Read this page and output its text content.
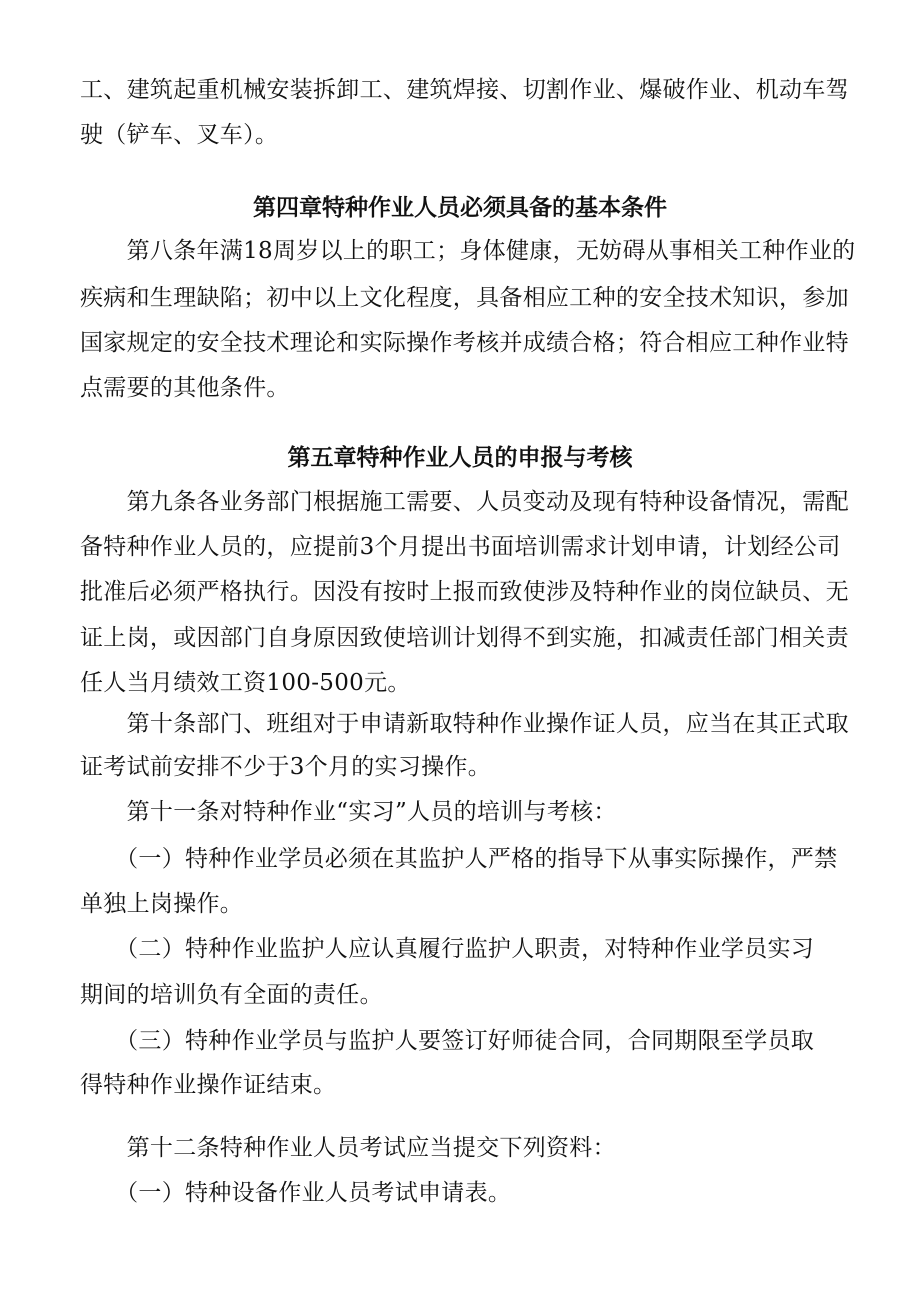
工、建筑起重机械安装拆卸工、建筑焊接、切割作业、爆破作业、机动车驾
驶（铲车、叉车）。
第四章特种作业人员必须具备的基本条件
　　第八条年满18周岁以上的职工；身体健康，无妨碍从事相关工种作业的
疾病和生理缺陷；初中以上文化程度，具备相应工种的安全技术知识，参加
国家规定的安全技术理论和实际操作考核并成绩合格；符合相应工种作业特
点需要的其他条件。
第五章特种作业人员的申报与考核
　　第九条各业务部门根据施工需要、人员变动及现有特种设备情况，需配
备特种作业人员的，应提前3个月提出书面培训需求计划申请，计划经公司
批准后必须严格执行。因没有按时上报而致使涉及特种作业的岗位缺员、无
证上岗，或因部门自身原因致使培训计划得不到实施，扣减责任部门相关责
任人当月绩效工资100-500元。
　　第十条部门、班组对于申请新取特种作业操作证人员，应当在其正式取
证考试前安排不少于3个月的实习操作。
　　第十一条对特种作业“实习”人员的培训与考核：
　　（一）特种作业学员必须在其监护人严格的指导下从事实际操作，严禁
单独上岗操作。
　　（二）特种作业监护人应认真履行监护人职责，对特种作业学员实习
期间的培训负有全面的责任。
　　（三）特种作业学员与监护人要签订好师徒合同，合同期限至学员取
得特种作业操作证结束。
　　第十二条特种作业人员考试应当提交下列资料：
　　（一）特种设备作业人员考试申请表。
